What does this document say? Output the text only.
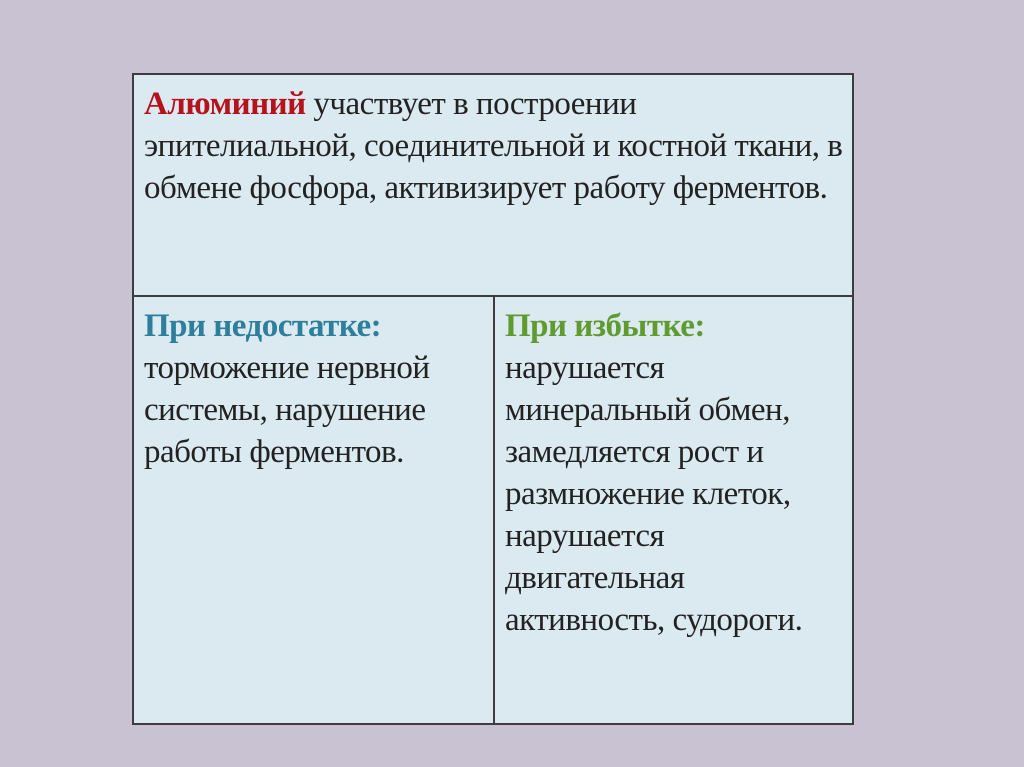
Алюминий участвует в построении эпителиальной, соединительной и костной ткани, в обмене фосфора, активизирует работу ферментов.

При недостатке:
торможение нервной системы, нарушение работы ферментов.

При избытке:
нарушается минеральный обмен, замедляется рост и размножение клеток, нарушается двигательная активность, судороги.
